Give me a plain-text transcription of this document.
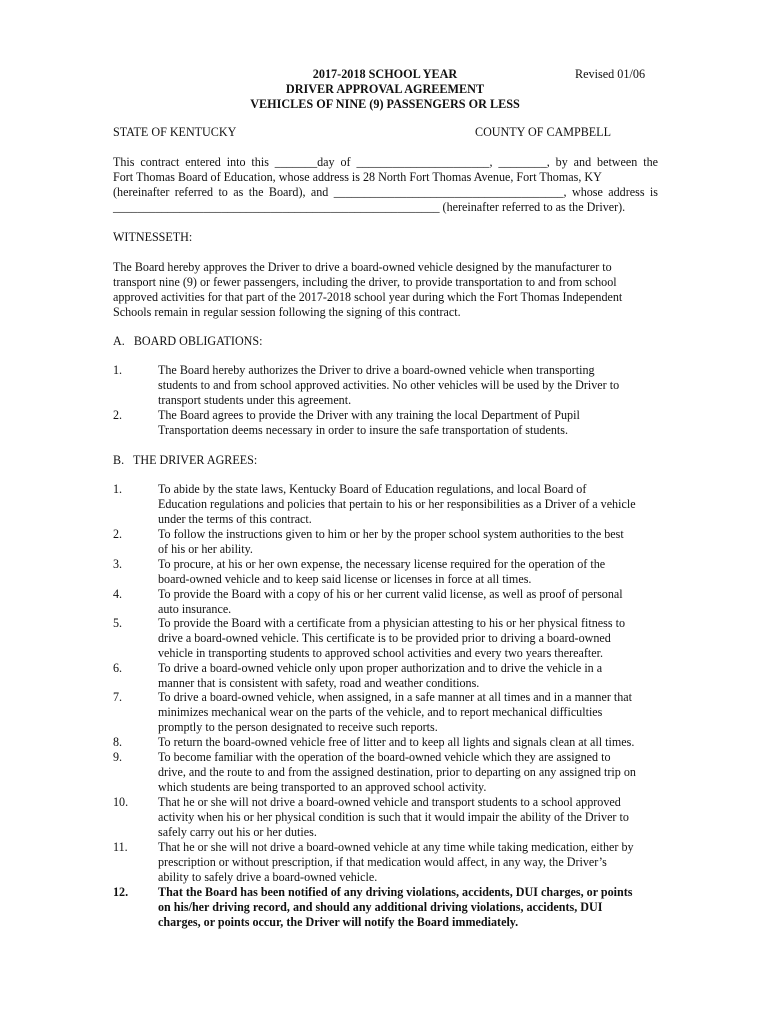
2017-2018 SCHOOL YEAR	Revised 01/06
DRIVER APPROVAL AGREEMENT
VEHICLES OF NINE (9) PASSENGERS OR LESS
STATE OF KENTUCKY	COUNTY OF CAMPBELL
This contract entered into this _______day of ______________________, ________, by and between the
Fort Thomas Board of Education, whose address is 28 North Fort Thomas Avenue, Fort Thomas, KY
(hereinafter referred to as the Board), and ______________________________________, whose address is
______________________________________________________ (hereinafter referred to as the Driver).
WITNESSETH:
The Board hereby approves the Driver to drive a board-owned vehicle designed by the manufacturer to
transport nine (9) or fewer passengers, including the driver, to provide transportation to and from school
approved activities for that part of the 2017-2018 school year during which the Fort Thomas Independent
Schools remain in regular session following the signing of this contract.
A.   BOARD OBLIGATIONS:
1.	The Board hereby authorizes the Driver to drive a board-owned vehicle when transporting
students to and from school approved activities. No other vehicles will be used by the Driver to
transport students under this agreement.
2.	The Board agrees to provide the Driver with any training the local Department of Pupil
Transportation deems necessary in order to insure the safe transportation of students.
B.   THE DRIVER AGREES:
1.	To abide by the state laws, Kentucky Board of Education regulations, and local Board of
Education regulations and policies that pertain to his or her responsibilities as a Driver of a vehicle
under the terms of this contract.
2.	To follow the instructions given to him or her by the proper school system authorities to the best
of his or her ability.
3.	To procure, at his or her own expense, the necessary license required for the operation of the
board-owned vehicle and to keep said license or licenses in force at all times.
4.	To provide the Board with a copy of his or her current valid license, as well as proof of personal
auto insurance.
5.	To provide the Board with a certificate from a physician attesting to his or her physical fitness to
drive a board-owned vehicle. This certificate is to be provided prior to driving a board-owned
vehicle in transporting students to approved school activities and every two years thereafter.
6.	To drive a board-owned vehicle only upon proper authorization and to drive the vehicle in a
manner that is consistent with safety, road and weather conditions.
7.	To drive a board-owned vehicle, when assigned, in a safe manner at all times and in a manner that
minimizes mechanical wear on the parts of the vehicle, and to report mechanical difficulties
promptly to the person designated to receive such reports.
8.	To return the board-owned vehicle free of litter and to keep all lights and signals clean at all times.
9.	To become familiar with the operation of the board-owned vehicle which they are assigned to
drive, and the route to and from the assigned destination, prior to departing on any assigned trip on
which students are being transported to an approved school activity.
10. That he or she will not drive a board-owned vehicle and transport students to a school approved
activity when his or her physical condition is such that it would impair the ability of the Driver to
safely carry out his or her duties.
11.	That he or she will not drive a board-owned vehicle at any time while taking medication, either by
prescription or without prescription, if that medication would affect, in any way, the Driver’s
ability to safely drive a board-owned vehicle.
12. That the Board has been notified of any driving violations, accidents, DUI charges, or points
on his/her driving record, and should any additional driving violations, accidents, DUI
charges, or points occur, the Driver will notify the Board immediately.
